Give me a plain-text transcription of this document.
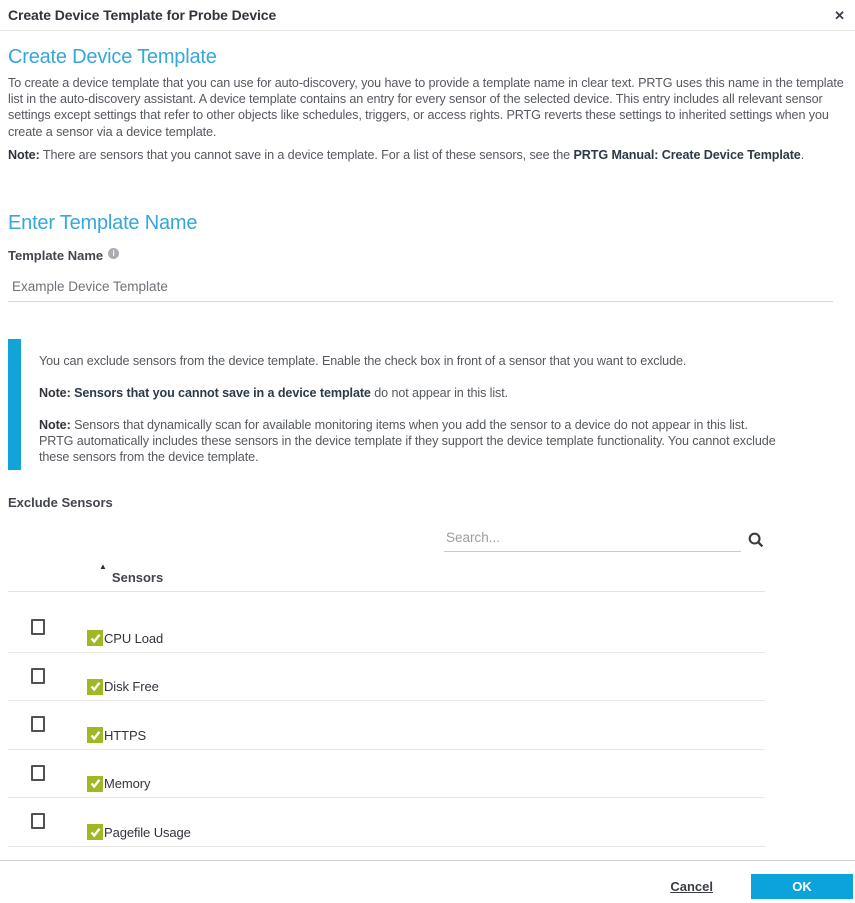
Create Device Template for Probe Device	✕
Create Device Template

To create a device template that you can use for auto-discovery, you have to provide a template name in clear text. PRTG uses this name in the template list in the auto-discovery assistant. A device template contains an entry for every sensor of the selected device. This entry includes all relevant sensor settings except settings that refer to other objects like schedules, triggers, or access rights. PRTG reverts these settings to inherited settings when you create a sensor via a device template.

Note: There are sensors that you cannot save in a device template. For a list of these sensors, see the PRTG Manual: Create Device Template.

Enter Template Name
Template Name	i
Example Device Template

You can exclude sensors from the device template. Enable the check box in front of a sensor that you want to exclude.

Note: Sensors that you cannot save in a device template do not appear in this list.

Note: Sensors that dynamically scan for available monitoring items when you add the sensor to a device do not appear in this list. PRTG automatically includes these sensors in the device template if they support the device template functionality. You cannot exclude these sensors from the device template.

Exclude Sensors
Search...
▲
Sensors
CPU Load
Disk Free
HTTPS
Memory
Pagefile Usage
Cancel	OK
